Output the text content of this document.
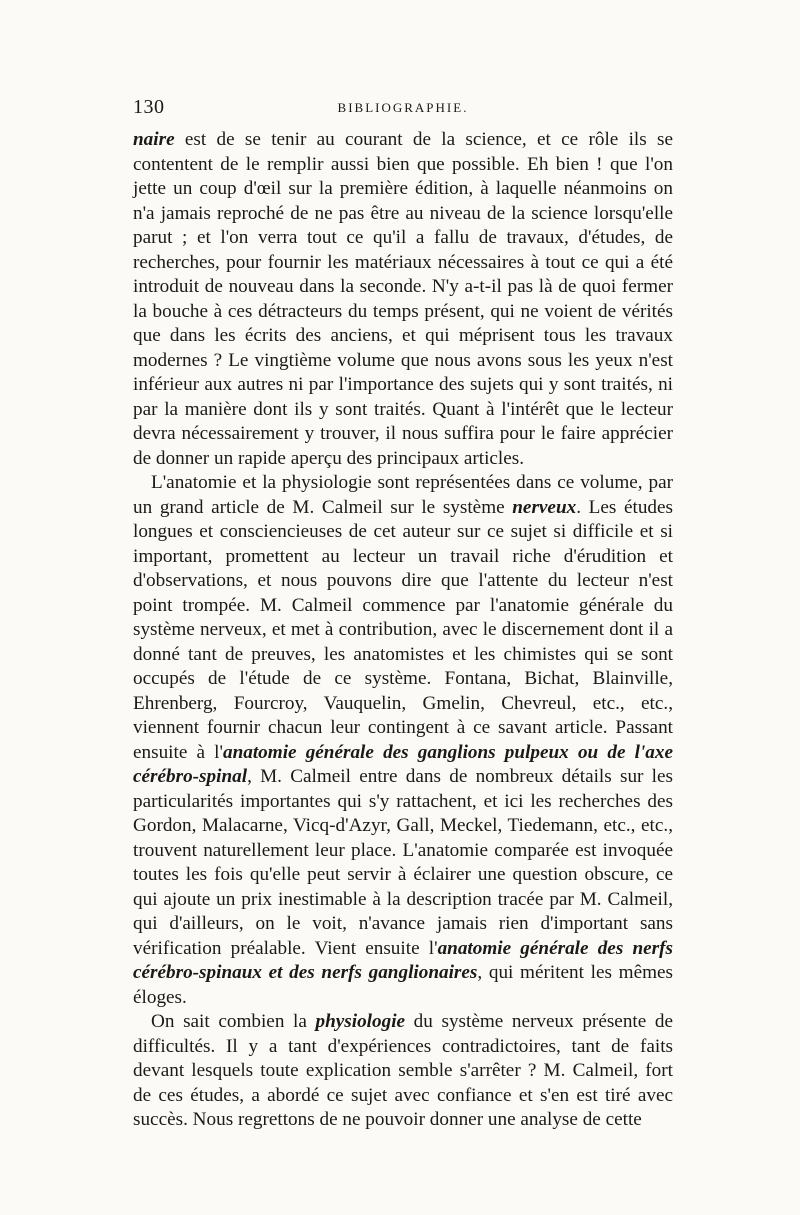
130	BIBLIOGRAPHIE.

naire est de se tenir au courant de la science, et ce rôle ils se contentent de le remplir aussi bien que possible. Eh bien ! que l'on jette un coup d'œil sur la première édition, à laquelle néanmoins on n'a jamais reproché de ne pas être au niveau de la science lorsqu'elle parut ; et l'on verra tout ce qu'il a fallu de travaux, d'études, de recherches, pour fournir les matériaux nécessaires à tout ce qui a été introduit de nouveau dans la seconde. N'y a-t-il pas là de quoi fermer la bouche à ces détracteurs du temps présent, qui ne voient de vérités que dans les écrits des anciens, et qui méprisent tous les travaux modernes ? Le vingtième volume que nous avons sous les yeux n'est inférieur aux autres ni par l'importance des sujets qui y sont traités, ni par la manière dont ils y sont traités. Quant à l'intérêt que le lecteur devra nécessairement y trouver, il nous suffira pour le faire apprécier de donner un rapide aperçu des principaux articles.

L'anatomie et la physiologie sont représentées dans ce volume, par un grand article de M. Calmeil sur le système nerveux. Les études longues et consciencieuses de cet auteur sur ce sujet si difficile et si important, promettent au lecteur un travail riche d'érudition et d'observations, et nous pouvons dire que l'attente du lecteur n'est point trompée. M. Calmeil commence par l'anatomie générale du système nerveux, et met à contribution, avec le discernement dont il a donné tant de preuves, les anatomistes et les chimistes qui se sont occupés de l'étude de ce système. Fontana, Bichat, Blainville, Ehrenberg, Fourcroy, Vauquelin, Gmelin, Chevreul, etc., etc., viennent fournir chacun leur contingent à ce savant article. Passant ensuite à l'anatomie générale des ganglions pulpeux ou de l'axe cérébro-spinal, M. Calmeil entre dans de nombreux détails sur les particularités importantes qui s'y rattachent, et ici les recherches des Gordon, Malacarne, Vicq-d'Azyr, Gall, Meckel, Tiedemann, etc., etc., trouvent naturellement leur place. L'anatomie comparée est invoquée toutes les fois qu'elle peut servir à éclairer une question obscure, ce qui ajoute un prix inestimable à la description tracée par M. Calmeil, qui d'ailleurs, on le voit, n'avance jamais rien d'important sans vérification préalable. Vient ensuite l'anatomie générale des nerfs cérébro-spinaux et des nerfs ganglionaires, qui méritent les mêmes éloges.

On sait combien la physiologie du système nerveux présente de difficultés. Il y a tant d'expériences contradictoires, tant de faits devant lesquels toute explication semble s'arrêter ? M. Calmeil, fort de ces études, a abordé ce sujet avec confiance et s'en est tiré avec succès. Nous regrettons de ne pouvoir donner une analyse de cette
